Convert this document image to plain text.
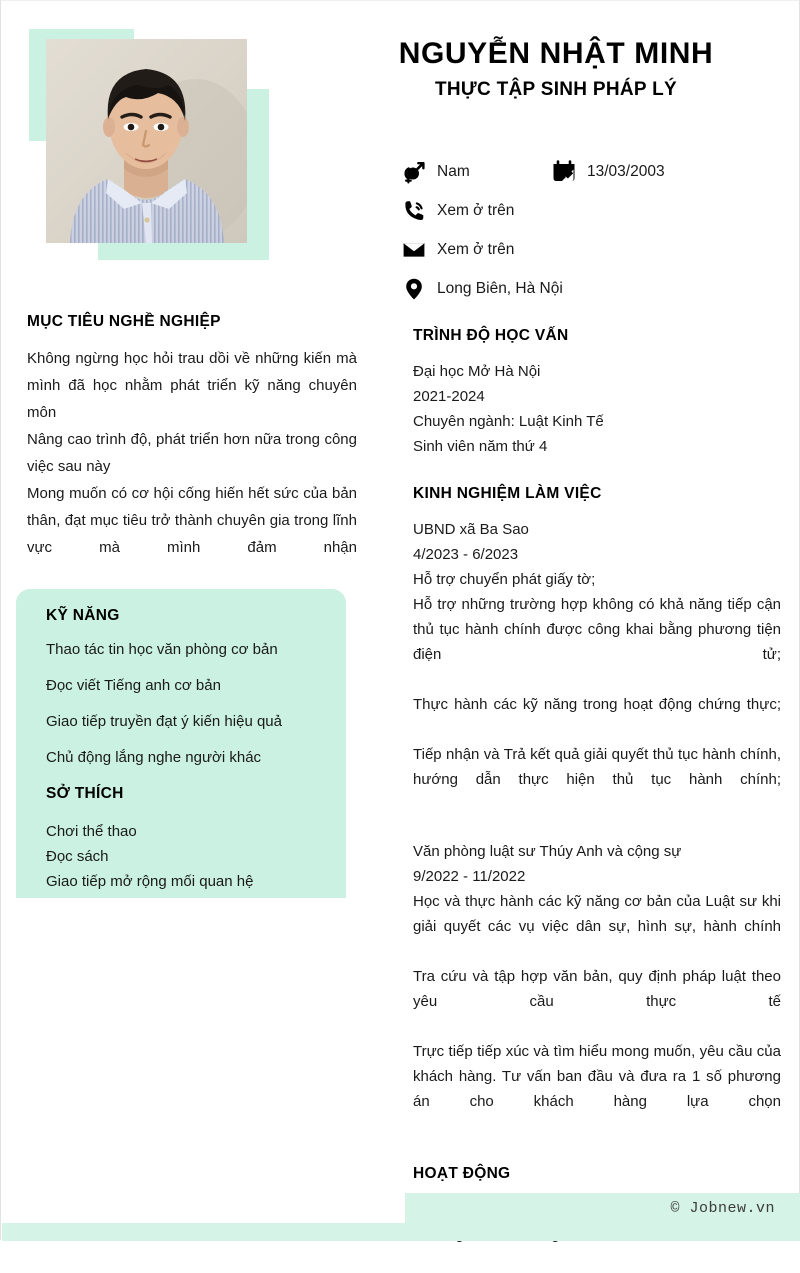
NGUYỄN NHẬT MINH
THỰC TẬP SINH PHÁP LÝ
Nam	13/03/2003
Xem ở trên
Xem ở trên
Long Biên, Hà Nội
MỤC TIÊU NGHỀ NGHIỆP

Không ngừng học hỏi trau dồi về những kiến mà mình đã học nhằm phát triển kỹ năng chuyên môn

Nâng cao trình độ, phát triển hơn nữa trong công việc sau này

Mong muốn có cơ hội cống hiến hết sức của bản thân, đạt mục tiêu trở thành chuyên gia trong lĩnh vực mà mình đảm nhận

KỸ NĂNG
Thao tác tin học văn phòng cơ bản
Đọc viết Tiếng anh cơ bản
Giao tiếp truyền đạt ý kiến hiệu quả
Chủ động lắng nghe người khác
SỞ THÍCH
Chơi thể thao
Đọc sách
Giao tiếp mở rộng mối quan hệ
TRÌNH ĐỘ HỌC VẤN
Đại học Mở Hà Nội
2021-2024
Chuyên ngành: Luật Kinh Tế
Sinh viên năm thứ 4
KINH NGHIỆM LÀM VIỆC
UBND xã Ba Sao
4/2023 - 6/2023
Hỗ trợ chuyển phát giấy tờ;
Hỗ trợ những trường hợp không có khả năng tiếp cận thủ tục hành chính được công khai bằng phương tiện điện tử;
Thực hành các kỹ năng trong hoạt động chứng thực;
Tiếp nhận và Trả kết quả giải quyết thủ tục hành chính, hướng dẫn thực hiện thủ tục hành chính;
Văn phòng luật sư Thúy Anh và cộng sự
9/2022 - 11/2022
Học và thực hành các kỹ năng cơ bản của Luật sư khi giải quyết các vụ việc dân sự, hình sự, hành chính
Tra cứu và tập hợp văn bản, quy định pháp luật theo yêu cầu thực tế
Trực tiếp tiếp xúc và tìm hiểu mong muốn, yêu cầu của khách hàng. Tư vấn ban đầu và đưa ra 1 số phương án cho khách hàng lựa chọn
HOẠT ĐỘNG
© Jobnew.vn
